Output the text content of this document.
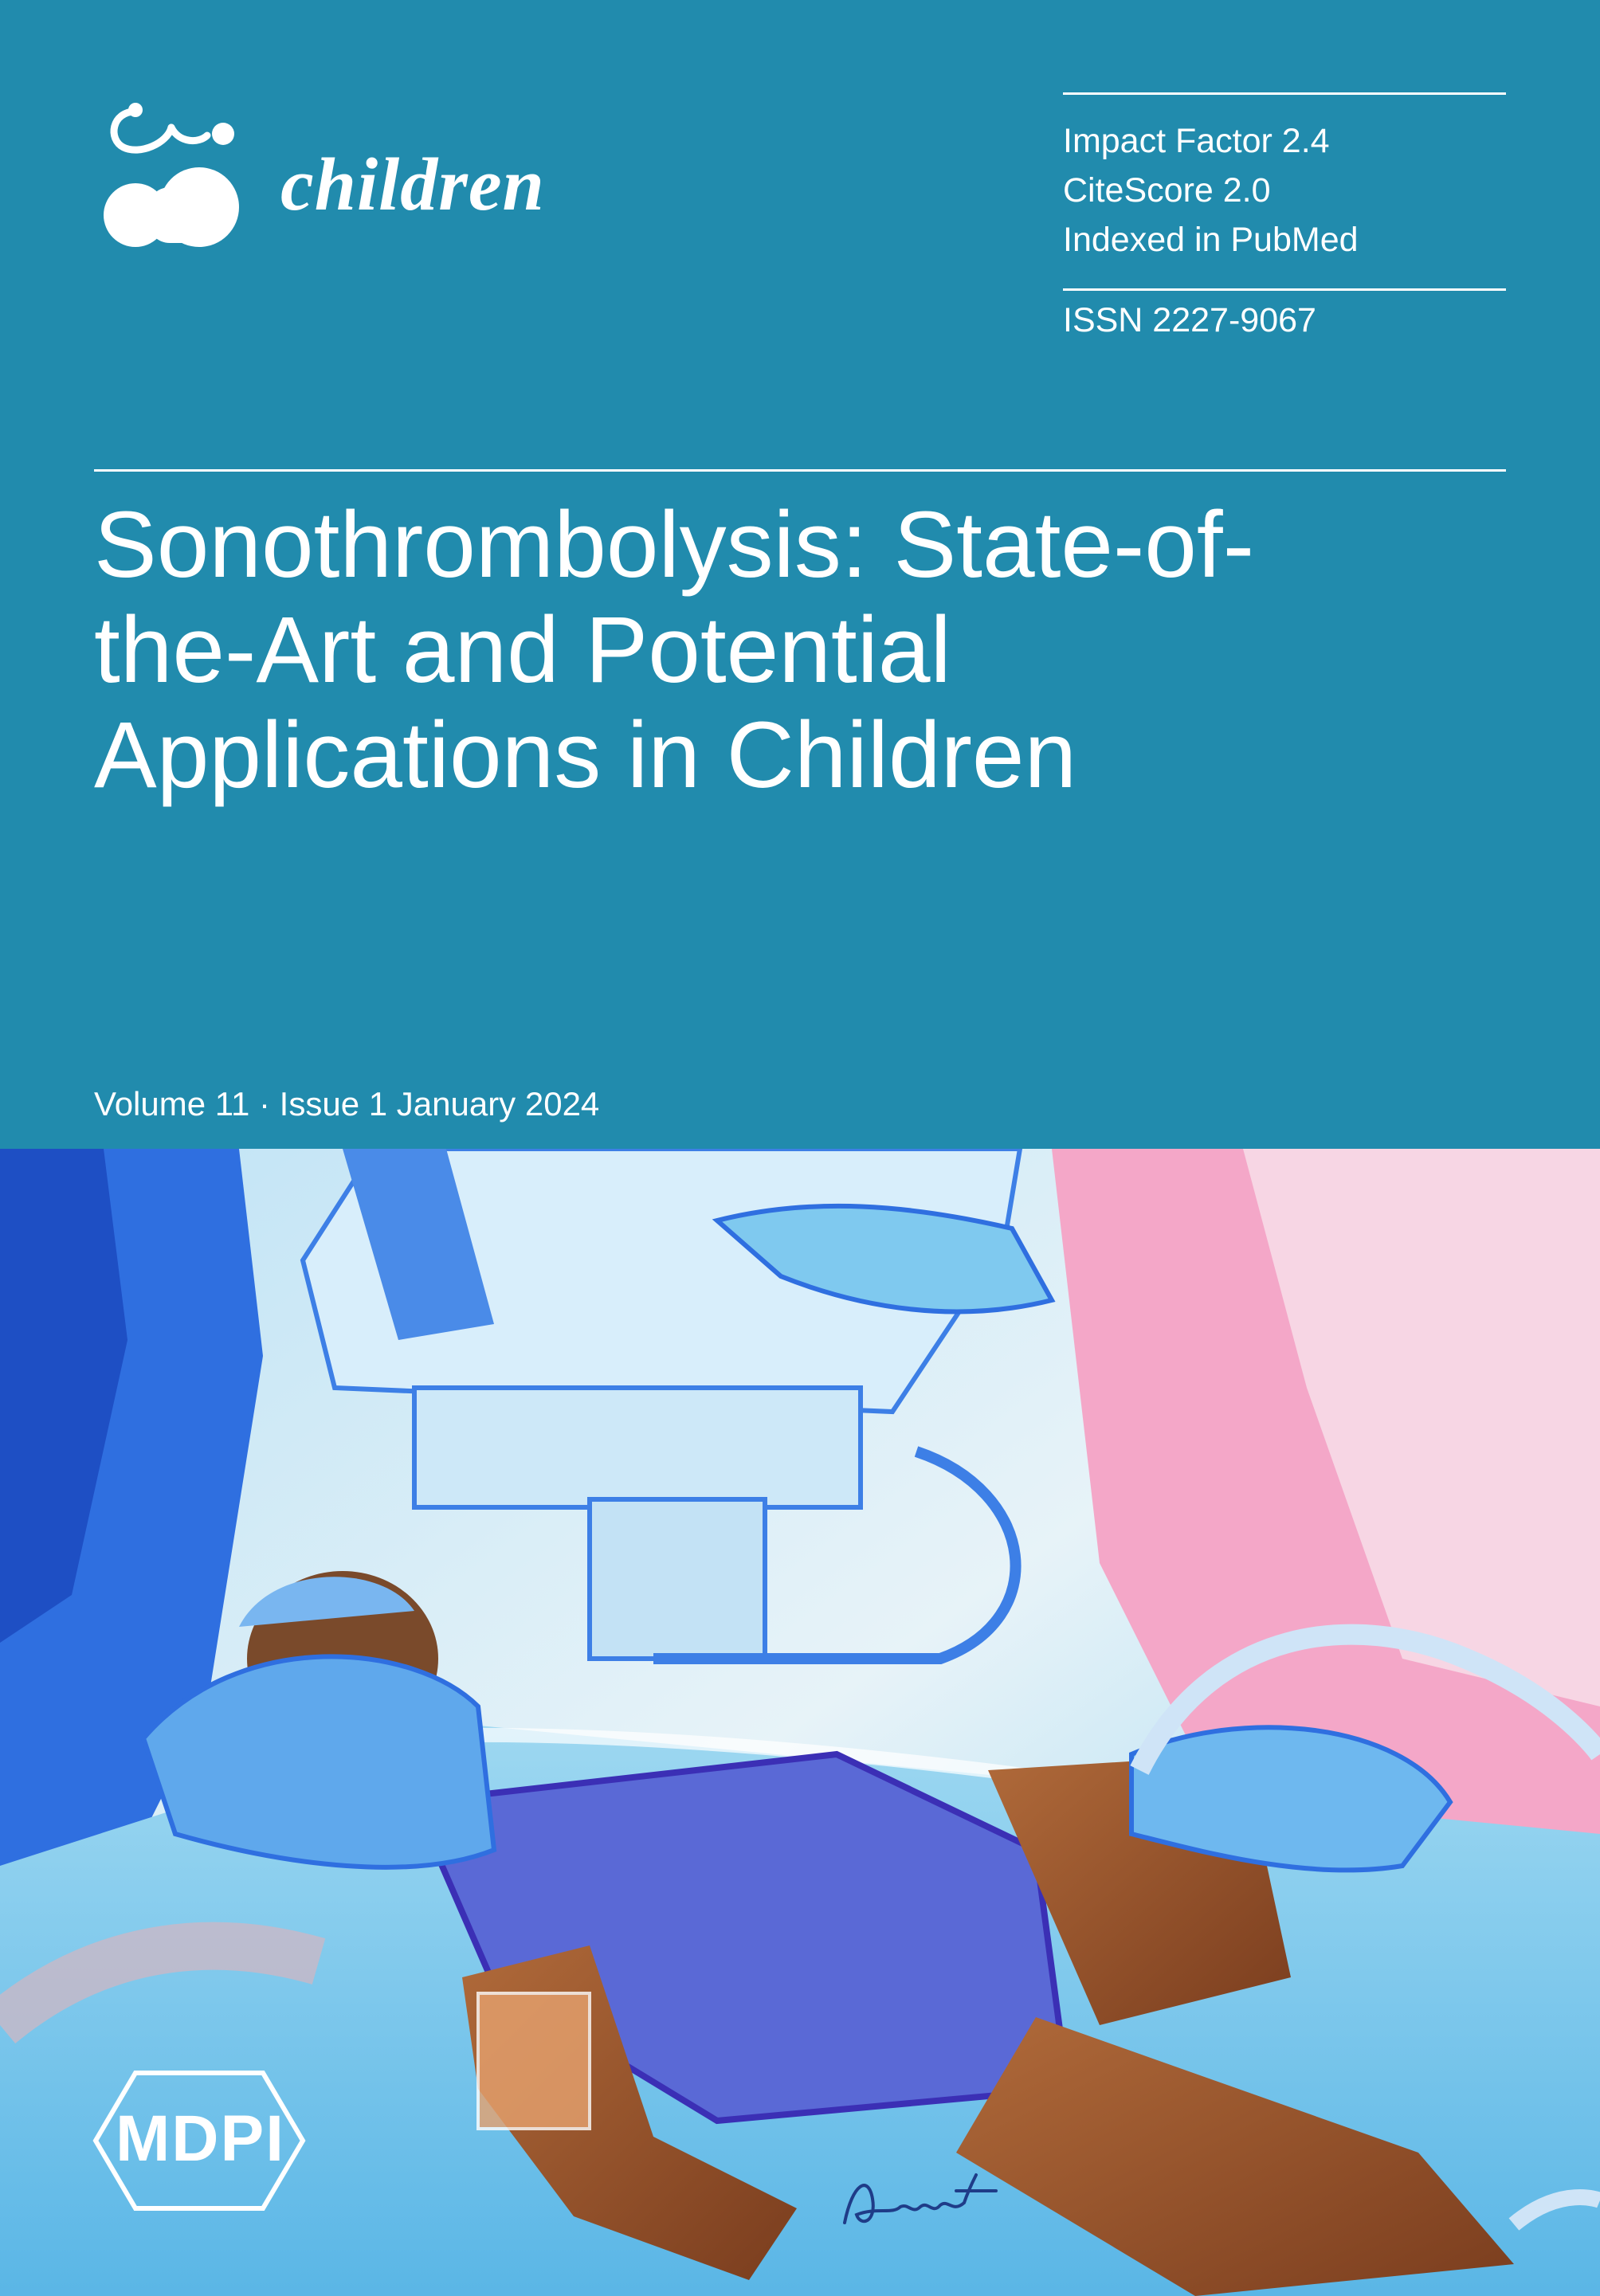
children
Impact Factor 2.4
CiteScore 2.0
Indexed in PubMed
ISSN 2227-9067
Sonothrombolysis: State-of-
the-Art and Potential
Applications in Children
Volume 11 · Issue 1 January 2024
MDPI
